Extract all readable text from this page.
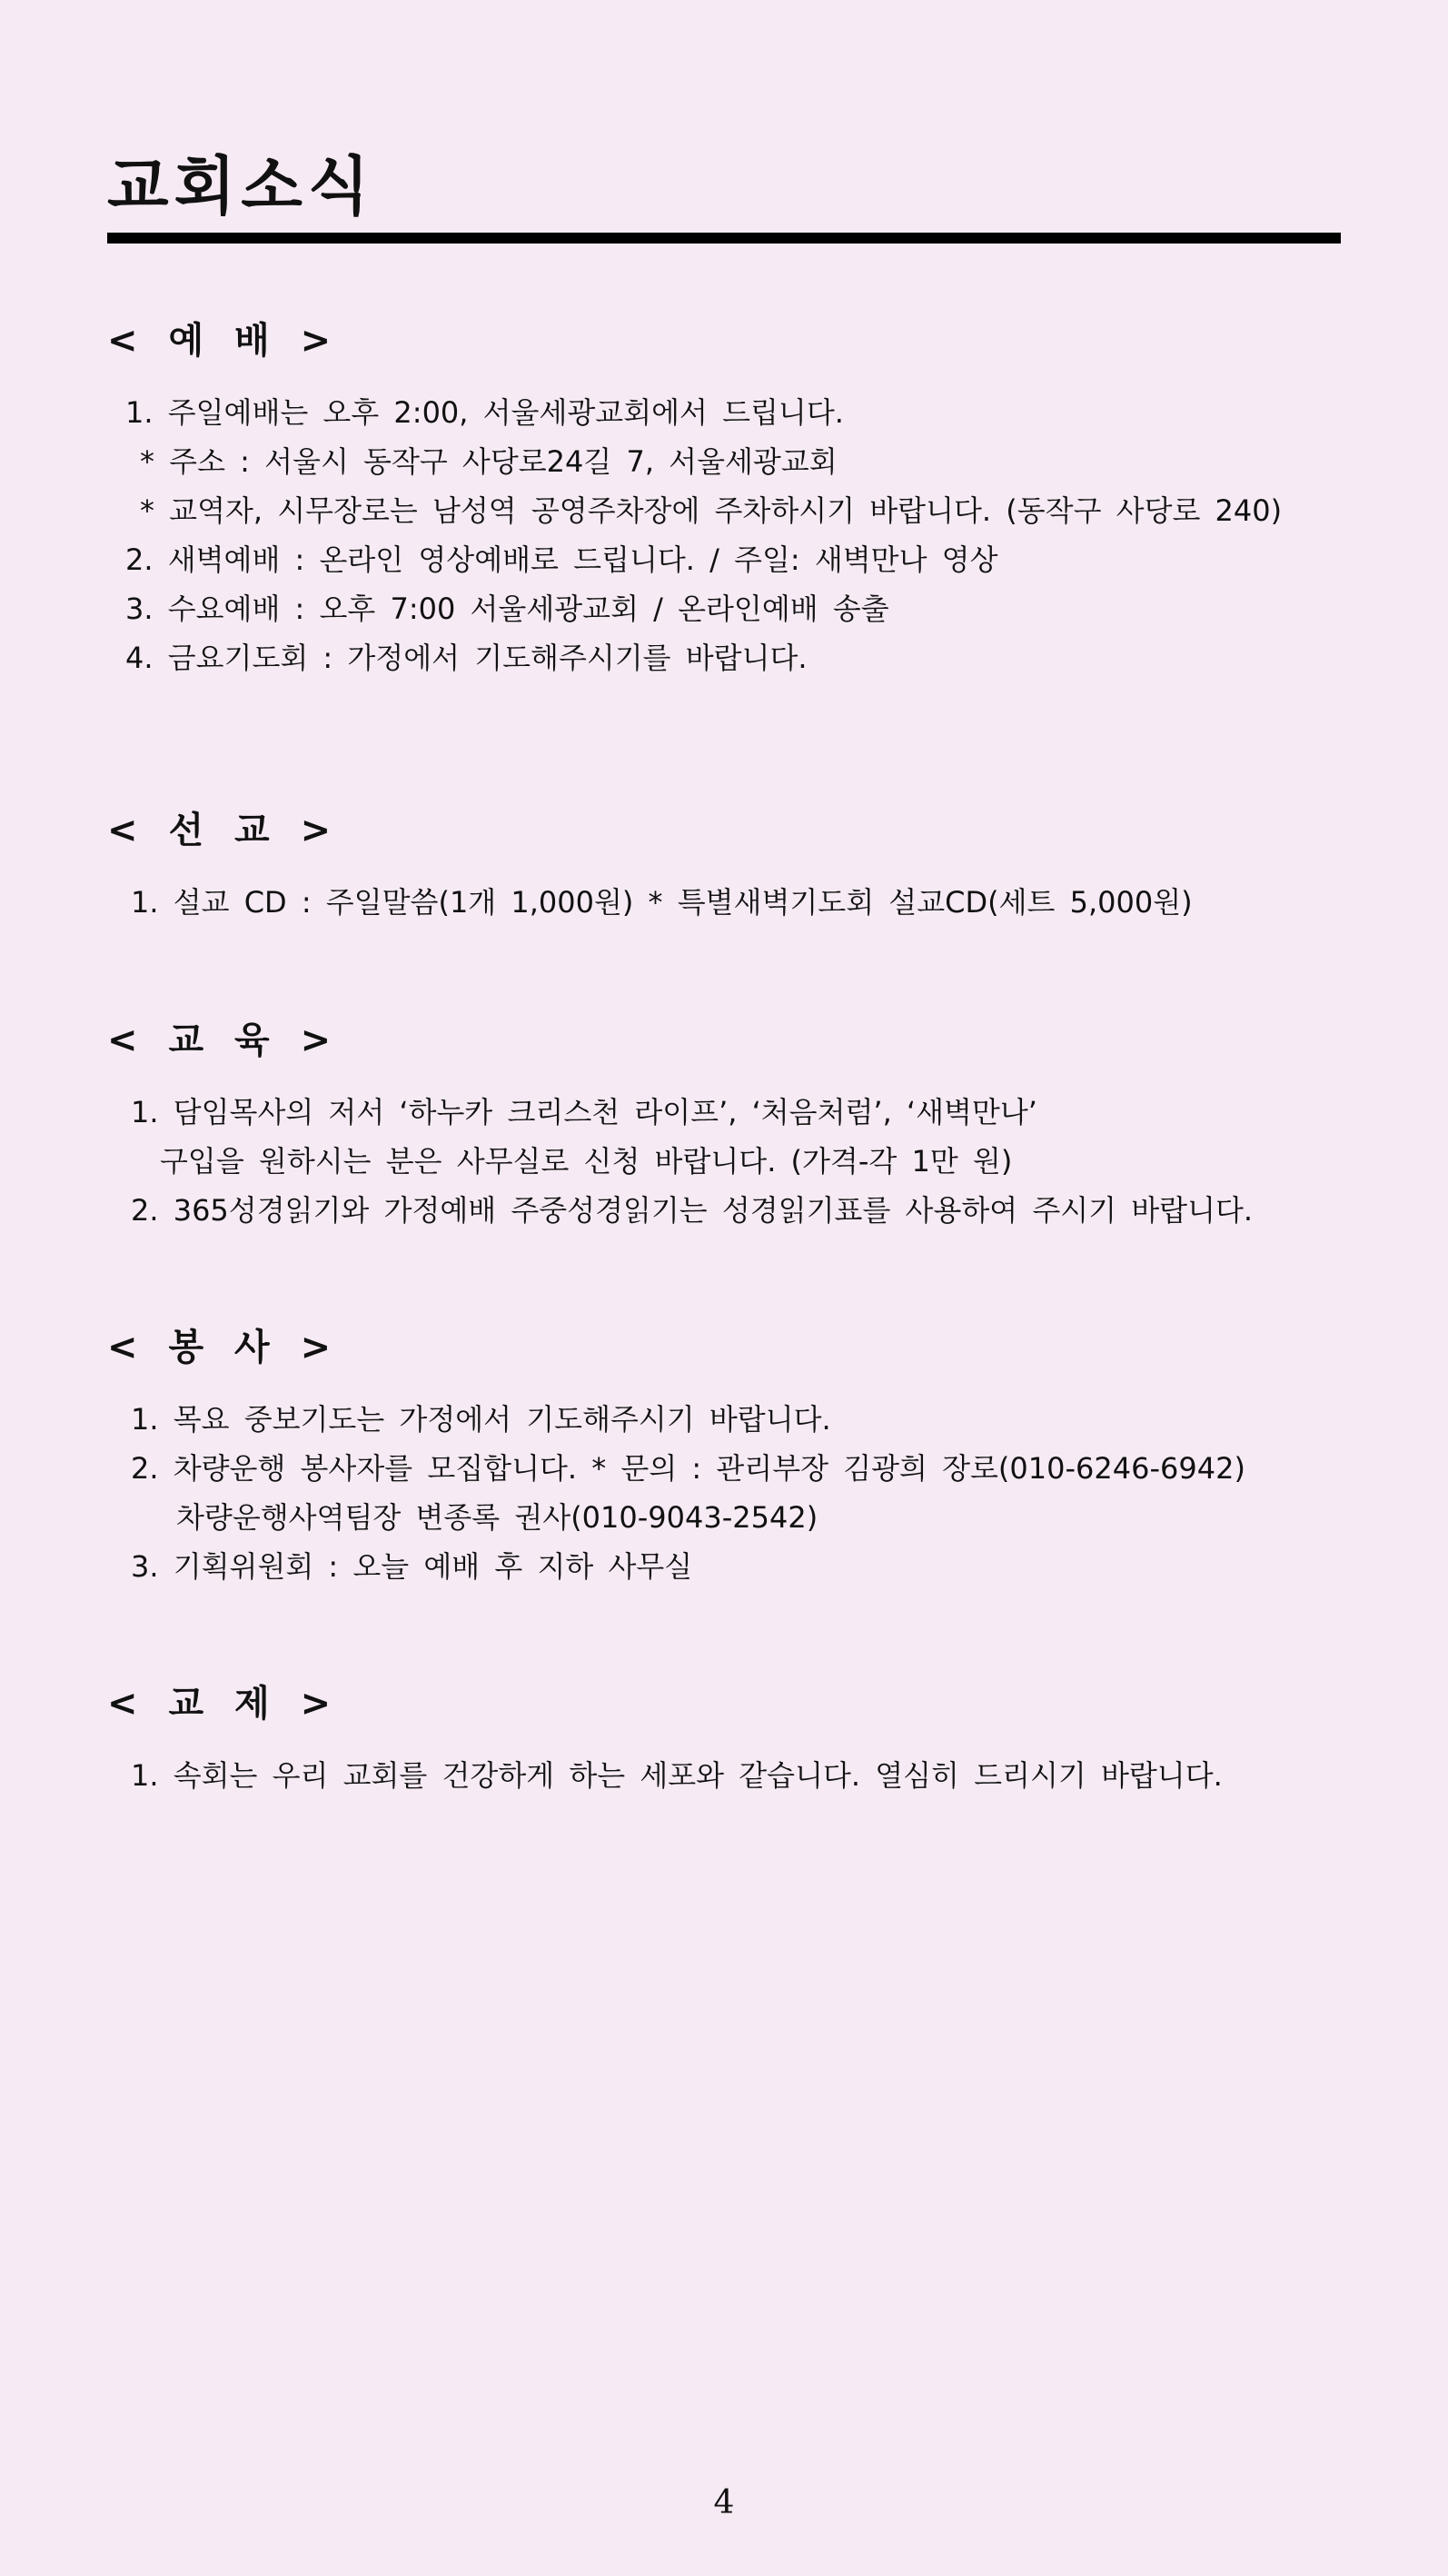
교회소식
< 예 배 >

1. 주일예배는 오후 2:00, 서울세광교회에서 드립니다.

* 주소 : 서울시 동작구 사당로24길 7, 서울세광교회

* 교역자, 시무장로는 남성역 공영주차장에 주차하시기 바랍니다. (동작구 사당로 240)

2. 새벽예배 : 온라인 영상예배로 드립니다. / 주일: 새벽만나 영상

3. 수요예배 : 오후 7:00 서울세광교회 / 온라인예배 송출

4. 금요기도회 : 가정에서 기도해주시기를 바랍니다.

< 선 교 >

1. 설교 CD : 주일말씀(1개 1,000원) * 특별새벽기도회 설교CD(세트 5,000원)

< 교 육 >

1. 담임목사의 저서 ‘하누카 크리스천 라이프’, ‘처음처럼’, ‘새벽만나’

구입을 원하시는 분은 사무실로 신청 바랍니다. (가격-각 1만 원)

2. 365성경읽기와 가정예배 주중성경읽기는 성경읽기표를 사용하여 주시기 바랍니다.

< 봉 사 >

1. 목요 중보기도는 가정에서 기도해주시기 바랍니다.

2. 차량운행 봉사자를 모집합니다. * 문의 : 관리부장 김광희 장로(010-6246-6942)

차량운행사역팀장 변종록 권사(010-9043-2542)

3. 기획위원회 : 오늘 예배 후 지하 사무실

< 교 제 >

1. 속회는 우리 교회를 건강하게 하는 세포와 같습니다. 열심히 드리시기 바랍니다.

4
